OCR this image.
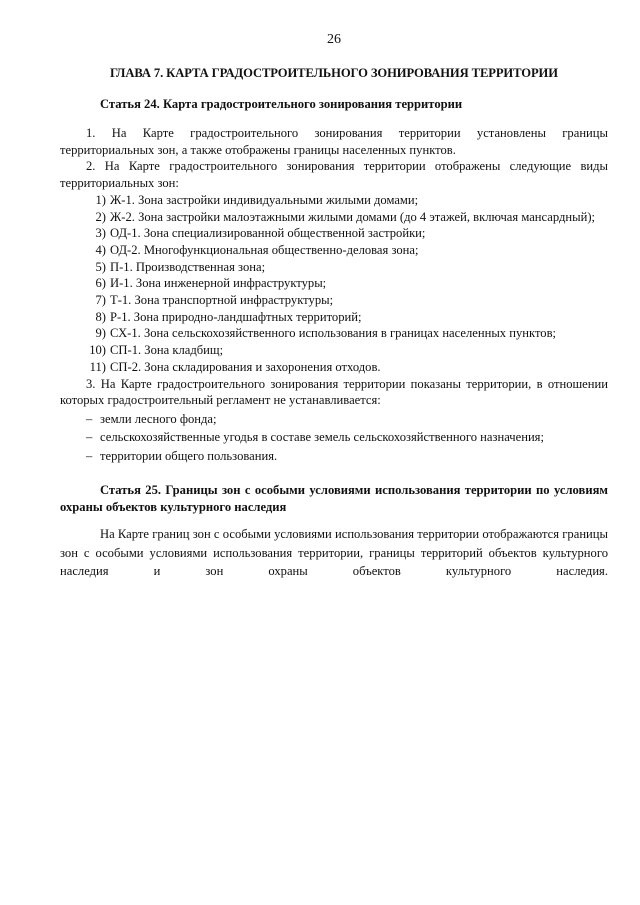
26
ГЛАВА 7. КАРТА ГРАДОСТРОИТЕЛЬНОГО ЗОНИРОВАНИЯ ТЕРРИТОРИИ
Статья 24. Карта градостроительного зонирования территории

1. На Карте градостроительного зонирования территории установлены границы территориальных зон, а также отображены границы населенных пунктов.

2. На Карте градостроительного зонирования территории отображены следующие виды территориальных зон:

1) Ж-1. Зона застройки индивидуальными жилыми домами;
2) Ж-2. Зона застройки малоэтажными жилыми домами (до 4 этажей, включая мансардный);
3) ОД-1. Зона специализированной общественной застройки;
4) ОД-2. Многофункциональная общественно-деловая зона;
5) П-1. Производственная зона;
6) И-1. Зона инженерной инфраструктуры;
7) Т-1. Зона транспортной инфраструктуры;
8) Р-1. Зона природно-ландшафтных территорий;
9) СХ-1. Зона сельскохозяйственного использования в границах населенных пунктов;
10) СП-1. Зона кладбищ;
11) СП-2. Зона складирования и захоронения отходов.

3. На Карте градостроительного зонирования территории показаны территории, в отношении которых градостроительный регламент не устанавливается:

– земли лесного фонда;
– сельскохозяйственные угодья в составе земель сельскохозяйственного назначения;
– территории общего пользования.

Статья 25. Границы зон с особыми условиями использования территории по условиям охраны объектов культурного наследия

На Карте границ зон с особыми условиями использования территории отображаются границы зон с особыми условиями использования территории, границы территорий объектов культурного наследия и зон охраны объектов культурного наследия.
